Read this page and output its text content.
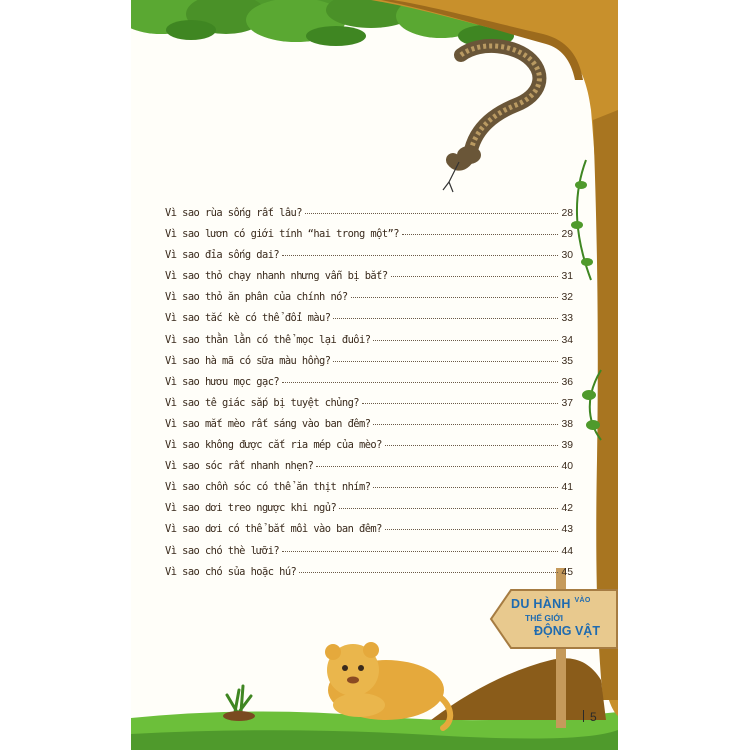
Vì sao rùa sống rất lâu?	28
Vì sao lươn có giới tính “hai trong một”?	29
Vì sao đỉa sống dai?	30
Vì sao thỏ chạy nhanh nhưng vẫn bị bắt?	31
Vì sao thỏ ăn phân của chính nó?	32
Vì sao tắc kè có thể đổi màu?	33
Vì sao thằn lằn có thể mọc lại đuôi?	34
Vì sao hà mã có sữa màu hồng?	35
Vì sao hươu mọc gạc?	36
Vì sao tê giác sắp bị tuyệt chủng?	37
Vì sao mắt mèo rất sáng vào ban đêm?	38
Vì sao không được cắt ria mép của mèo?	39
Vì sao sóc rất nhanh nhẹn?	40
Vì sao chồn sóc có thể ăn thịt nhím?	41
Vì sao dơi treo ngược khi ngủ?	42
Vì sao dơi có thể bắt mồi vào ban đêm?	43
Vì sao chó thè lưỡi?	44
Vì sao chó sủa hoặc hú?	45
DU HÀNH $^{VÀO}$
THẾ GIỚI
ĐỘNG VẬT
5
